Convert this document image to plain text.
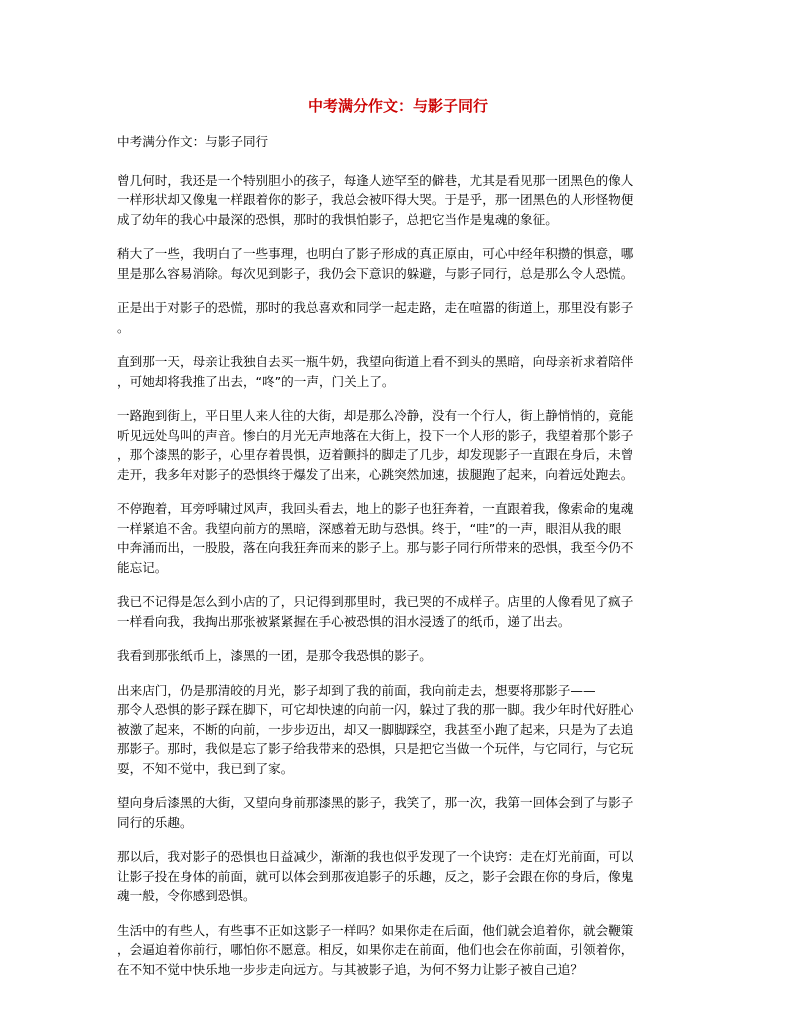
中考满分作文：与影子同行
中考满分作文：与影子同行
曾几何时，我还是一个特别胆小的孩子，每逢人迹罕至的僻巷，尤其是看见那一团黑色的像人
一样形状却又像鬼一样跟着你的影子，我总会被吓得大哭。于是乎，那一团黑色的人形怪物便
成了幼年的我心中最深的恐惧，那时的我惧怕影子，总把它当作是鬼魂的象征。
稍大了一些，我明白了一些事理，也明白了影子形成的真正原由，可心中经年积攒的惧意，哪
里是那么容易消除。每次见到影子，我仍会下意识的躲避，与影子同行，总是那么令人恐慌。
正是出于对影子的恐慌，那时的我总喜欢和同学一起走路，走在喧嚣的街道上，那里没有影子
。
直到那一天，母亲让我独自去买一瓶牛奶，我望向街道上看不到头的黑暗，向母亲祈求着陪伴
，可她却将我推了出去，“咚”的一声，门关上了。
一路跑到街上，平日里人来人往的大街，却是那么冷静，没有一个行人，街上静悄悄的，竟能
听见远处鸟叫的声音。惨白的月光无声地落在大街上，投下一个人形的影子，我望着那个影子
，那个漆黑的影子，心里存着畏惧，迈着颤抖的脚走了几步，却发现影子一直跟在身后，未曾
走开，我多年对影子的恐惧终于爆发了出来，心跳突然加速，拔腿跑了起来，向着远处跑去。
不停跑着，耳旁呼啸过风声，我回头看去，地上的影子也狂奔着，一直跟着我，像索命的鬼魂
一样紧追不舍。我望向前方的黑暗，深感着无助与恐惧。终于，“哇”的一声，眼泪从我的眼
中奔涌而出，一股股，落在向我狂奔而来的影子上。那与影子同行所带来的恐惧，我至今仍不
能忘记。
我已不记得是怎么到小店的了，只记得到那里时，我已哭的不成样子。店里的人像看见了疯子
一样看向我，我掏出那张被紧紧握在手心被恐惧的泪水浸透了的纸币，递了出去。
我看到那张纸币上，漆黑的一团，是那令我恐惧的影子。
出来店门，仍是那清皎的月光，影子却到了我的前面，我向前走去，想要将那影子——
那令人恐惧的影子踩在脚下，可它却快速的向前一闪，躲过了我的那一脚。我少年时代好胜心
被激了起来，不断的向前，一步步迈出，却又一脚脚踩空，我甚至小跑了起来，只是为了去追
那影子。那时，我似是忘了影子给我带来的恐惧，只是把它当做一个玩伴，与它同行，与它玩
耍，不知不觉中，我已到了家。
望向身后漆黑的大街，又望向身前那漆黑的影子，我笑了，那一次，我第一回体会到了与影子
同行的乐趣。
那以后，我对影子的恐惧也日益减少，渐渐的我也似乎发现了一个诀窍：走在灯光前面，可以
让影子投在身体的前面，就可以体会到那夜追影子的乐趣，反之，影子会跟在你的身后，像鬼
魂一般，令你感到恐惧。
生活中的有些人，有些事不正如这影子一样吗？如果你走在后面，他们就会追着你，就会鞭策
，会逼迫着你前行，哪怕你不愿意。相反，如果你走在前面，他们也会在你前面，引领着你，
在不知不觉中快乐地一步步走向远方。与其被影子追，为何不努力让影子被自己追？
